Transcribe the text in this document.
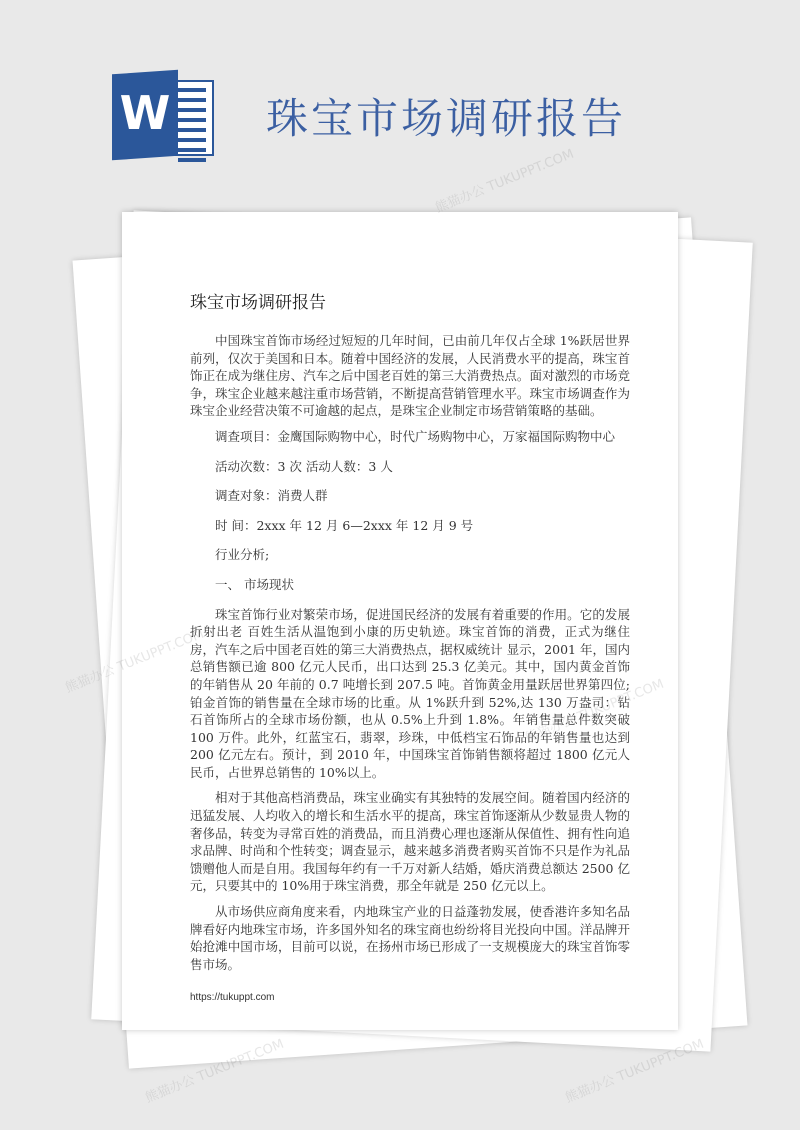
W 珠宝市场调研报告
珠宝市场调研报告

中国珠宝首饰市场经过短短的几年时间，已由前几年仅占全球 1%跃居世界前列，仅次于美国和日本。随着中国经济的发展，人民消费水平的提高，珠宝首饰正在成为继住房、汽车之后中国老百姓的第三大消费热点。面对激烈的市场竞争，珠宝企业越来越注重市场营销，不断提高营销管理水平。珠宝市场调查作为珠宝企业经营决策不可逾越的起点，是珠宝企业制定市场营销策略的基础。

调查项目：金鹰国际购物中心，时代广场购物中心，万家福国际购物中心

活动次数：3 次 活动人数：3 人

调查对象：消费人群

时 间：2xxx 年 12 月 6—2xxx 年 12 月 9 号

行业分析;

一、 市场现状

珠宝首饰行业对繁荣市场，促进国民经济的发展有着重要的作用。它的发展折射出老 百姓生活从温饱到小康的历史轨迹。珠宝首饰的消费，正式为继住房，汽车之后中国老百姓的第三大消费热点，据权威统计 显示，2001 年，国内总销售额已逾 800 亿元人民币，出口达到 25.3 亿美元。其中，国内黄金首饰的年销售从 20 年前的 0.7 吨增长到 207.5 吨。首饰黄金用量跃居世界第四位;铂金首饰的销售量在全球市场的比重。从 1%跃升到 52%,达 130 万盎司：钻石首饰所占的全球市场份额，也从 0.5%上升到 1.8%。年销售量总件数突破 100 万件。此外，红蓝宝石，翡翠，珍珠，中低档宝石饰品的年销售量也达到 200 亿元左右。预计，到 2010 年，中国珠宝首饰销售额将超过 1800 亿元人民币，占世界总销售的 10%以上。

相对于其他高档消费品，珠宝业确实有其独特的发展空间。随着国内经济的迅猛发展、人均收入的增长和生活水平的提高，珠宝首饰逐渐从少数显贵人物的奢侈品，转变为寻常百姓的消费品，而且消费心理也逐渐从保值性、拥有性向追求品牌、时尚和个性转变；调查显示，越来越多消费者购买首饰不只是作为礼品馈赠他人而是自用。我国每年约有一千万对新人结婚，婚庆消费总额达 2500 亿元，只要其中的 10%用于珠宝消费，那全年就是 250 亿元以上。

从市场供应商角度来看，内地珠宝产业的日益蓬勃发展，使香港许多知名品牌看好内地珠宝市场，许多国外知名的珠宝商也纷纷将目光投向中国。洋品牌开始抢滩中国市场，目前可以说，在扬州市场已形成了一支规模庞大的珠宝首饰零售市场。

https://tukuppt.com
熊猫办公 TUKUPPT.COM
熊猫办公
熊猫办公 TUKUPPT.COM	熊猫办公 TUKUPPT.COM
